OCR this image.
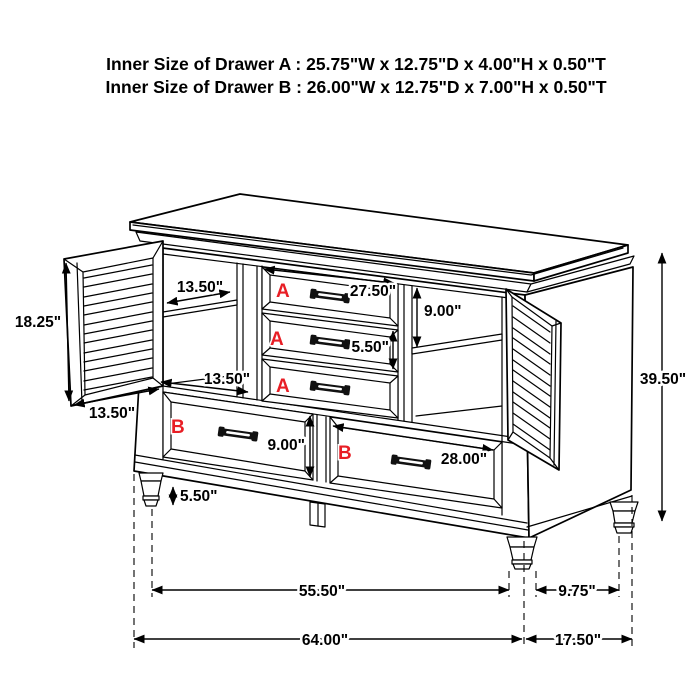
Inner Size of Drawer A : 25.75"W x 12.75"D x 4.00"H x 0.50"T
Inner Size of Drawer B : 26.00"W x 12.75"D x 7.00"H x 0.50"T
A
A
A
B
B
18.25"
13.50"
13.50"
13.50"
27.50"
5.50"
9.00"
9.00"
28.00"
5.50"
39.50"
55.50"	9.75"
64.00"	17.50"
